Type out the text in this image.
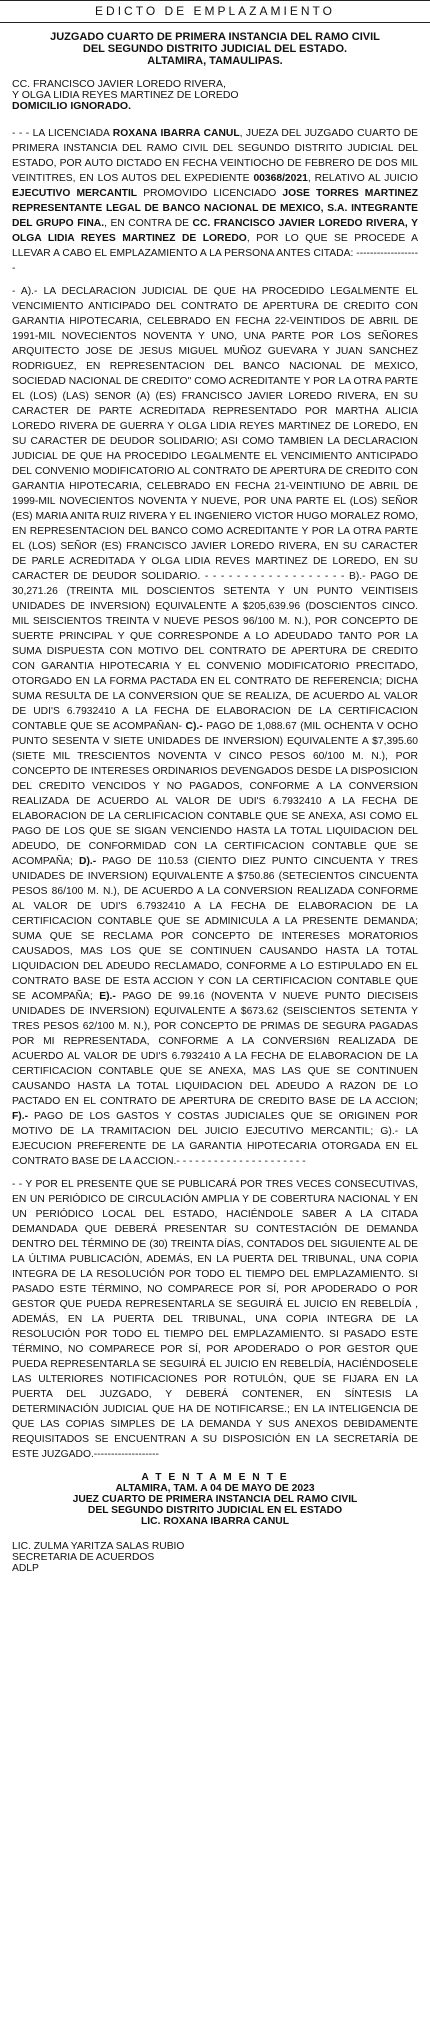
EDICTO DE EMPLAZAMIENTO
JUZGADO CUARTO DE PRIMERA INSTANCIA DEL RAMO CIVIL
DEL SEGUNDO DISTRITO JUDICIAL DEL ESTADO.
ALTAMIRA, TAMAULIPAS.
CC. FRANCISCO JAVIER LOREDO RIVERA,
Y OLGA LIDIA REYES MARTINEZ DE LOREDO
DOMICILIO IGNORADO.

- - - LA LICENCIADA ROXANA IBARRA CANUL, JUEZA DEL JUZGADO CUARTO DE PRIMERA INSTANCIA DEL RAMO CIVIL DEL SEGUNDO DISTRITO JUDICIAL DEL ESTADO, POR AUTO DICTADO EN FECHA VEINTIOCHO DE FEBRERO DE DOS MIL VEINTITRES, EN LOS AUTOS DEL EXPEDIENTE 00368/2021, RELATIVO AL JUICIO EJECUTIVO MERCANTIL PROMOVIDO LICENCIADO JOSE TORRES MARTINEZ REPRESENTANTE LEGAL DE BANCO NACIONAL DE MEXICO, S.A. INTEGRANTE DEL GRUPO FINA., EN CONTRA DE CC. FRANCISCO JAVIER LOREDO RIVERA, Y OLGA LIDIA REYES MARTINEZ DE LOREDO, POR LO QUE SE PROCEDE A LLEVAR A CABO EL EMPLAZAMIENTO A LA PERSONA ANTES CITADA: -------------------

- A).- LA DECLARACION JUDICIAL DE QUE HA PROCEDIDO LEGALMENTE EL VENCIMIENTO ANTICIPADO DEL CONTRATO DE APERTURA DE CREDITO CON GARANTIA HIPOTECARIA, CELEBRADO EN FECHA 22-VEINTIDOS DE ABRIL DE 1991-MIL NOVECIENTOS NOVENTA Y UNO, UNA PARTE POR LOS SEÑORES ARQUITECTO JOSE DE JESUS MIGUEL MUÑOZ GUEVARA Y JUAN SANCHEZ RODRIGUEZ, EN REPRESENTACION DEL BANCO NACIONAL DE MEXICO, SOCIEDAD NACIONAL DE CREDITO" COMO ACREDITANTE Y POR LA OTRA PARTE EL (LOS) (LAS) SENOR (A) (ES) FRANCISCO JAVIER LOREDO RIVERA, EN SU CARACTER DE PARTE ACREDITADA REPRESENTADO POR MARTHA ALICIA LOREDO RIVERA DE GUERRA Y OLGA LIDIA REYES MARTINEZ DE LOREDO, EN SU CARACTER DE DEUDOR SOLIDARIO; ASI COMO TAMBIEN LA DECLARACION JUDICIAL DE QUE HA PROCEDIDO LEGALMENTE EL VENCIMIENTO ANTICIPADO DEL CONVENIO MODIFICATORIO AL CONTRATO DE APERTURA DE CREDITO CON GARANTIA HIPOTECARIA, CELEBRADO EN FECHA 21-VEINTIUNO DE ABRIL DE 1999-MIL NOVECIENTOS NOVENTA Y NUEVE, POR UNA PARTE EL (LOS) SEÑOR (ES) MARIA ANITA RUIZ RIVERA Y EL INGENIERO VICTOR HUGO MORALEZ ROMO, EN REPRESENTACION DEL BANCO COMO ACREDITANTE Y POR LA OTRA PARTE EL (LOS) SEÑOR (ES) FRANCISCO JAVIER LOREDO RIVERA, EN SU CARACTER DE PARLE ACREDITADA Y OLGA LIDIA REVES MARTINEZ DE LOREDO, EN SU CARACTER DE DEUDOR SOLIDARIO. - - - - - - - - - - - - - - - - - - B).- PAGO DE 30,271.26 (TREINTA MIL DOSCIENTOS SETENTA Y UN PUNTO VEINTISEIS UNIDADES DE INVERSION) EQUIVALENTE A $205,639.96 (DOSCIENTOS CINCO. MIL SEISCIENTOS TREINTA V NUEVE PESOS 96/100 M. N.), POR CONCEPTO DE SUERTE PRINCIPAL Y QUE CORRESPONDE A LO ADEUDADO TANTO POR LA SUMA DISPUESTA CON MOTIVO DEL CONTRATO DE APERTURA DE CREDITO CON GARANTIA HIPOTECARIA Y EL CONVENIO MODIFICATORIO PRECITADO, OTORGADO EN LA FORMA PACTADA EN EL CONTRATO DE REFERENCIA; DICHA SUMA RESULTA DE LA CONVERSION QUE SE REALIZA, DE ACUERDO AL VALOR DE UDI'S 6.7932410 A LA FECHA DE ELABORACION DE LA CERTIFICACION CONTABLE QUE SE ACOMPAÑAN- C).- PAGO DE 1,088.67 (MIL OCHENTA V OCHO PUNTO SESENTA V SIETE UNIDADES DE INVERSION) EQUIVALENTE A $7,395.60 (SIETE MIL TRESCIENTOS NOVENTA V CINCO PESOS 60/100 M. N.), POR CONCEPTO DE INTERESES ORDINARIOS DEVENGADOS DESDE LA DISPOSICION DEL CREDITO VENCIDOS Y NO PAGADOS, CONFORME A LA CONVERSION REALIZADA DE ACUERDO AL VALOR DE UDI'S 6.7932410 A LA FECHA DE ELABORACION DE LA CERLIFICACION CONTABLE QUE SE ANEXA, ASI COMO EL PAGO DE LOS QUE SE SIGAN VENCIENDO HASTA LA TOTAL LIQUIDACION DEL ADEUDO, DE CONFORMIDAD CON LA CERTIFICACION CONTABLE QUE SE ACOMPAÑA; D).- PAGO DE 110.53 (CIENTO DIEZ PUNTO CINCUENTA Y TRES UNIDADES DE INVERSION) EQUIVALENTE A $750.86 (SETECIENTOS CINCUENTA PESOS 86/100 M. N.), DE ACUERDO A LA CONVERSION REALIZADA CONFORME AL VALOR DE UDI'S 6.7932410 A LA FECHA DE ELABORACION DE LA CERTIFICACION CONTABLE QUE SE ADMINICULA A LA PRESENTE DEMANDA; SUMA QUE SE RECLAMA POR CONCEPTO DE INTERESES MORATORIOS CAUSADOS, MAS LOS QUE SE CONTINUEN CAUSANDO HASTA LA TOTAL LIQUIDACION DEL ADEUDO RECLAMADO, CONFORME A LO ESTIPULADO EN EL CONTRATO BASE DE ESTA ACCION Y CON LA CERTIFICACION CONTABLE QUE SE ACOMPAÑA; E).- PAGO DE 99.16 (NOVENTA V NUEVE PUNTO DIECISEIS UNIDADES DE INVERSION) EQUIVALENTE A $673.62 (SEISCIENTOS SETENTA Y TRES PESOS 62/100 M. N.), POR CONCEPTO DE PRIMAS DE SEGURA PAGADAS POR MI REPRESENTADA, CONFORME A LA CONVERSI6N REALIZADA DE ACUERDO AL VALOR DE UDI'S 6.7932410 A LA FECHA DE ELABORACION DE LA CERTIFICACION CONTABLE QUE SE ANEXA, MAS LAS QUE SE CONTINUEN CAUSANDO HASTA LA TOTAL LIQUIDACION DEL ADEUDO A RAZON DE LO PACTADO EN EL CONTRATO DE APERTURA DE CREDITO BASE DE LA ACCION; F).- PAGO DE LOS GASTOS Y COSTAS JUDICIALES QUE SE ORIGINEN POR MOTIVO DE LA TRAMITACION DEL JUICIO EJECUTIVO MERCANTIL; G).- LA EJECUCION PREFERENTE DE LA GARANTIA HIPOTECARIA OTORGADA EN EL CONTRATO BASE DE LA ACCION.- - - - - - - - - - - - - - - - - - - - -

- - Y POR EL PRESENTE QUE SE PUBLICARÁ POR TRES VECES CONSECUTIVAS, EN UN PERIÓDICO DE CIRCULACIÓN AMPLIA Y DE COBERTURA NACIONAL Y EN UN PERIÓDICO LOCAL DEL ESTADO, HACIÉNDOLE SABER A LA CITADA DEMANDADA QUE DEBERÁ PRESENTAR SU CONTESTACIÓN DE DEMANDA DENTRO DEL TÉRMINO DE (30) TREINTA DÍAS, CONTADOS DEL SIGUIENTE AL DE LA ÚLTIMA PUBLICACIÓN, ADEMÁS, EN LA PUERTA DEL TRIBUNAL, UNA COPIA INTEGRA DE LA RESOLUCIÓN POR TODO EL TIEMPO DEL EMPLAZAMIENTO. SI PASADO ESTE TÉRMINO, NO COMPARECE POR SÍ, POR APODERADO O POR GESTOR QUE PUEDA REPRESENTARLA SE SEGUIRÁ EL JUICIO EN REBELDÍA , ADEMÁS, EN LA PUERTA DEL TRIBUNAL, UNA COPIA INTEGRA DE LA RESOLUCIÓN POR TODO EL TIEMPO DEL EMPLAZAMIENTO. SI PASADO ESTE TÉRMINO, NO COMPARECE POR SÍ, POR APODERADO O POR GESTOR QUE PUEDA REPRESENTARLA SE SEGUIRÁ EL JUICIO EN REBELDÍA, HACIÉNDOSELE LAS ULTERIORES NOTIFICACIONES POR ROTULÓN, QUE SE FIJARA EN LA PUERTA DEL JUZGADO, Y DEBERÁ CONTENER, EN SÍNTESIS LA DETERMINACIÓN JUDICIAL QUE HA DE NOTIFICARSE.; EN LA INTELIGENCIA DE QUE LAS COPIAS SIMPLES DE LA DEMANDA Y SUS ANEXOS DEBIDAMENTE REQUISITADOS SE ENCUENTRAN A SU DISPOSICIÓN EN LA SECRETARÍA DE ESTE JUZGADO.-------------------

A T E N T A M E N T E
ALTAMIRA, TAM. A 04 DE MAYO DE 2023
JUEZ CUARTO DE PRIMERA INSTANCIA DEL RAMO CIVIL
DEL SEGUNDO DISTRITO JUDICIAL EN EL ESTADO
LIC. ROXANA IBARRA CANUL
LIC. ZULMA YARITZA SALAS RUBIO
SECRETARIA DE ACUERDOS
ADLP
